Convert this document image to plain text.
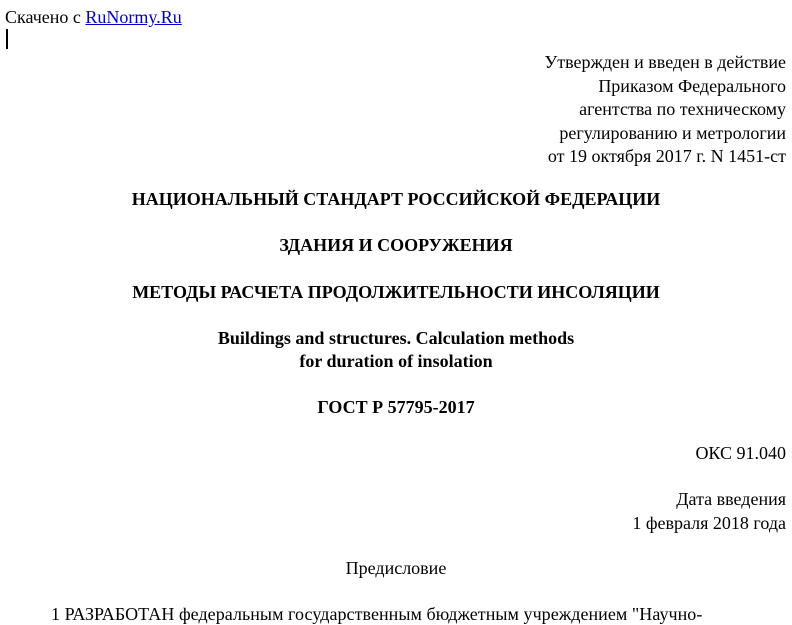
Скачено с RuNormy.Ru
Утвержден и введен в действие
Приказом Федерального
агентства по техническому
регулированию и метрологии
от 19 октября 2017 г. N 1451-ст
НАЦИОНАЛЬНЫЙ СТАНДАРТ РОССИЙСКОЙ ФЕДЕРАЦИИ
ЗДАНИЯ И СООРУЖЕНИЯ
МЕТОДЫ РАСЧЕТА ПРОДОЛЖИТЕЛЬНОСТИ ИНСОЛЯЦИИ
Buildings and structures. Calculation methods
for duration of insolation
ГОСТ Р 57795-2017
ОКС 91.040
Дата введения
1 февраля 2018 года
Предисловие
1 РАЗРАБОТАН федеральным государственным бюджетным учреждением "Научно-
